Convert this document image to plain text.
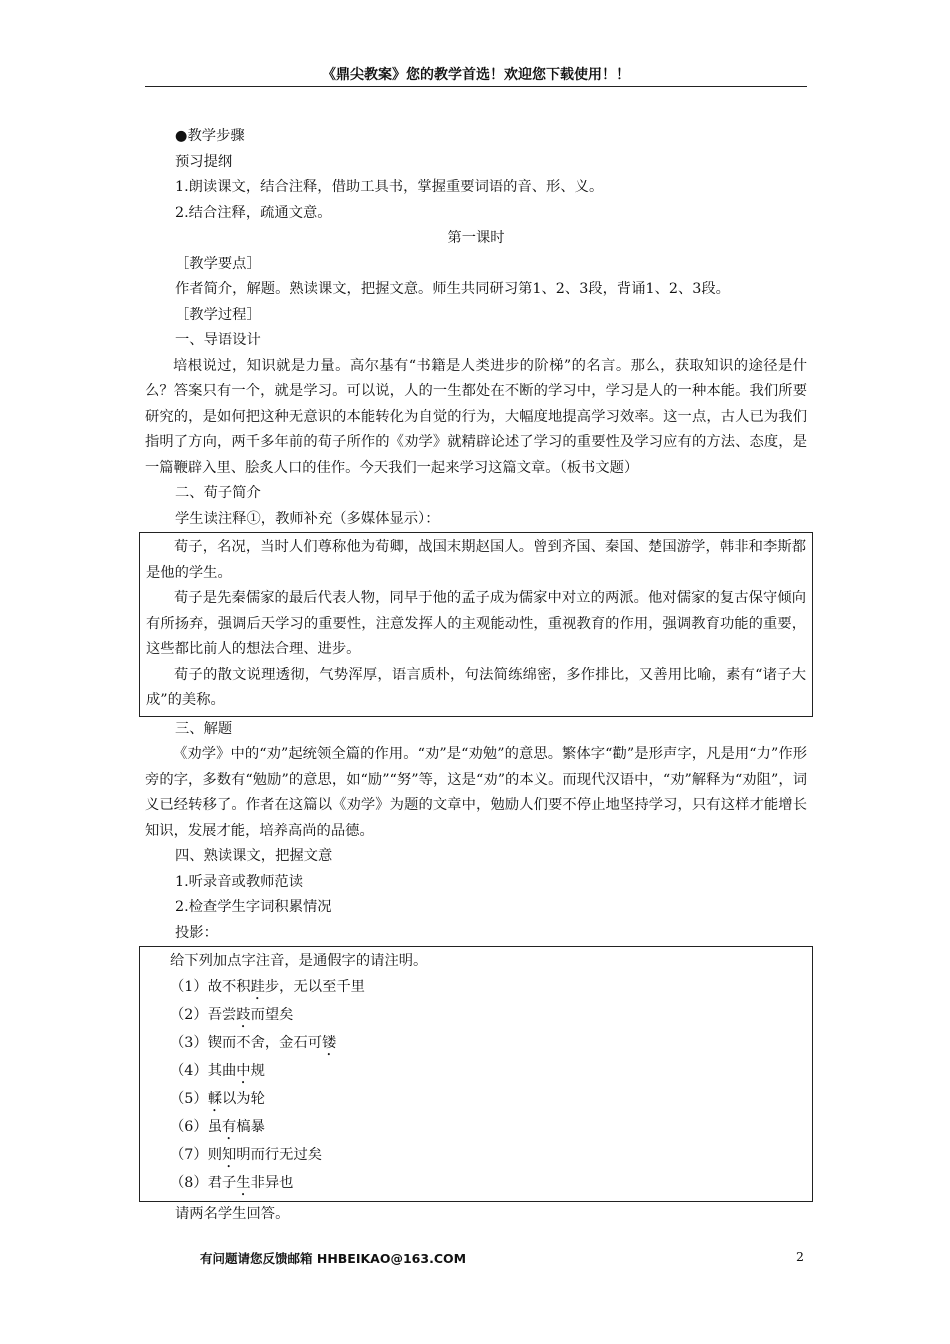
《鼎尖教案》您的教学首选！欢迎您下载使用！！
●教学步骤
预习提纲
1.朗读课文，结合注释，借助工具书，掌握重要词语的音、形、义。
2.结合注释，疏通文意。
第一课时
［教学要点］
作者简介，解题。熟读课文，把握文意。师生共同研习第1、2、3段，背诵1、2、3段。
［教学过程］
一、导语设计
培根说过，知识就是力量。高尔基有“书籍是人类进步的阶梯”的名言。那么，获取知识的途径是什么？答案只有一个，就是学习。可以说，人的一生都处在不断的学习中，学习是人的一种本能。我们所要研究的，是如何把这种无意识的本能转化为自觉的行为，大幅度地提高学习效率。这一点，古人已为我们指明了方向，两千多年前的荀子所作的《劝学》就精辟论述了学习的重要性及学习应有的方法、态度，是一篇鞭辟入里、脍炙人口的佳作。今天我们一起来学习这篇文章。（板书文题）
二、荀子简介
学生读注释①，教师补充（多媒体显示）：
荀子，名况，当时人们尊称他为荀卿，战国末期赵国人。曾到齐国、秦国、楚国游学，韩非和李斯都是他的学生。
荀子是先秦儒家的最后代表人物，同早于他的孟子成为儒家中对立的两派。他对儒家的复古保守倾向有所扬弃，强调后天学习的重要性，注意发挥人的主观能动性，重视教育的作用，强调教育功能的重要，这些都比前人的想法合理、进步。
荀子的散文说理透彻，气势浑厚，语言质朴，句法简练绵密，多作排比，又善用比喻，素有“诸子大成”的美称。
三、解题
《劝学》中的“劝”起统领全篇的作用。“劝”是“劝勉”的意思。繁体字“勸”是形声字，凡是用“力”作形旁的字，多数有“勉励”的意思，如“励”“努”等，这是“劝”的本义。而现代汉语中，“劝”解释为“劝阻”，词义已经转移了。作者在这篇以《劝学》为题的文章中，勉励人们要不停止地坚持学习，只有这样才能增长知识，发展才能，培养高尚的品德。
四、熟读课文，把握文意
1.听录音或教师范读
2.检查学生字词积累情况
投影：
给下列加点字注音，是通假字的请注明。
（1）故不积跬步，无以至千里
（2）吾尝跂而望矣
（3）锲而不舍，金石可镂
（4）其曲中规
（5）輮以为轮
（6）虽有槁暴
（7）则知明而行无过矣
（8）君子生非异也
请两名学生回答。
有问题请您反馈邮箱 HHBEIKAO@163.COM	2
